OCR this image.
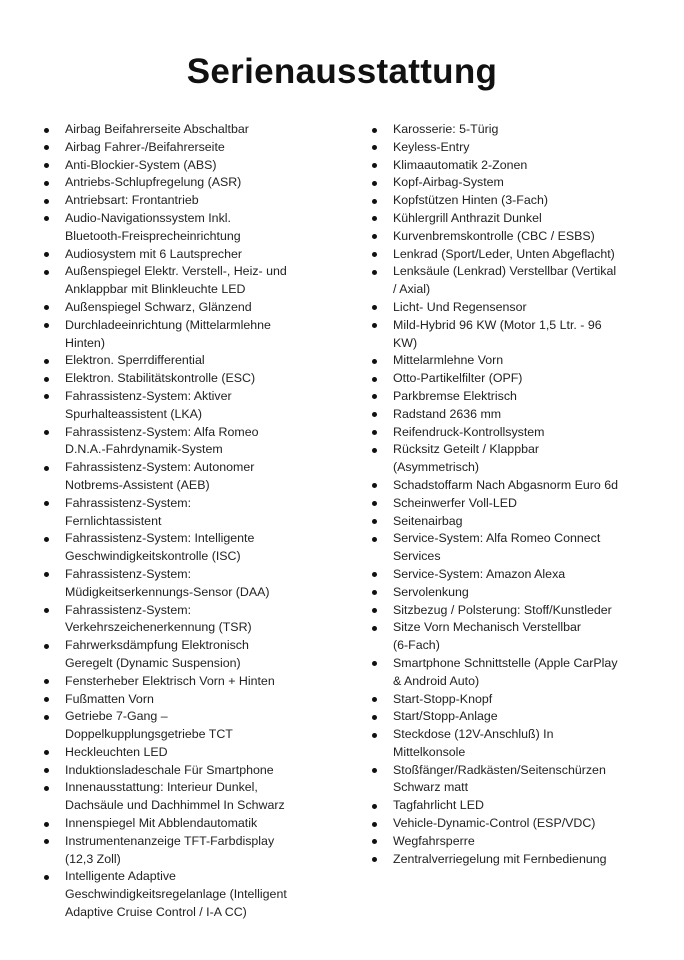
Serienausstattung
Airbag Beifahrerseite Abschaltbar
Airbag Fahrer-/Beifahrerseite
Anti-Blockier-System (ABS)
Antriebs-Schlupfregelung (ASR)
Antriebsart: Frontantrieb
Audio-Navigationssystem Inkl.
Bluetooth-Freisprecheinrichtung
Audiosystem mit 6 Lautsprecher
Außenspiegel Elektr. Verstell-, Heiz- und
Anklappbar mit Blinkleuchte LED
Außenspiegel Schwarz, Glänzend
Durchladeeinrichtung (Mittelarmlehne
Hinten)
Elektron. Sperrdifferential
Elektron. Stabilitätskontrolle (ESC)
Fahrassistenz-System: Aktiver
Spurhalteassistent (LKA)
Fahrassistenz-System: Alfa Romeo
D.N.A.-Fahrdynamik-System
Fahrassistenz-System: Autonomer
Notbrems-Assistent (AEB)
Fahrassistenz-System:
Fernlichtassistent
Fahrassistenz-System: Intelligente
Geschwindigkeitskontrolle (ISC)
Fahrassistenz-System:
Müdigkeitserkennungs-Sensor (DAA)
Fahrassistenz-System:
Verkehrszeichenerkennung (TSR)
Fahrwerksdämpfung Elektronisch
Geregelt (Dynamic Suspension)
Fensterheber Elektrisch Vorn + Hinten
Fußmatten Vorn
Getriebe 7-Gang –
Doppelkupplungsgetriebe TCT
Heckleuchten LED
Induktionsladeschale Für Smartphone
Innenausstattung: Interieur Dunkel,
Dachsäule und Dachhimmel In Schwarz
Innenspiegel Mit Abblendautomatik
Instrumentenanzeige TFT-Farbdisplay
(12,3 Zoll)
Intelligente Adaptive
Geschwindigkeitsregelanlage (Intelligent
Adaptive Cruise Control / I-A CC)
Karosserie: 5-Türig
Keyless-Entry
Klimaautomatik 2-Zonen
Kopf-Airbag-System
Kopfstützen Hinten (3-Fach)
Kühlergrill Anthrazit Dunkel
Kurvenbremskontrolle (CBC / ESBS)
Lenkrad (Sport/Leder, Unten Abgeflacht)
Lenksäule (Lenkrad) Verstellbar (Vertikal
/ Axial)
Licht- Und Regensensor
Mild-Hybrid 96 KW (Motor 1,5 Ltr. - 96
KW)
Mittelarmlehne Vorn
Otto-Partikelfilter (OPF)
Parkbremse Elektrisch
Radstand 2636 mm
Reifendruck-Kontrollsystem
Rücksitz Geteilt / Klappbar
(Asymmetrisch)
Schadstoffarm Nach Abgasnorm Euro 6d
Scheinwerfer Voll-LED
Seitenairbag
Service-System: Alfa Romeo Connect
Services
Service-System: Amazon Alexa
Servolenkung
Sitzbezug / Polsterung: Stoff/Kunstleder
Sitze Vorn Mechanisch Verstellbar
(6-Fach)
Smartphone Schnittstelle (Apple CarPlay
& Android Auto)
Start-Stopp-Knopf
Start/Stopp-Anlage
Steckdose (12V-Anschluß) In
Mittelkonsole
Stoßfänger/Radkästen/Seitenschürzen
Schwarz matt
Tagfahrlicht LED
Vehicle-Dynamic-Control (ESP/VDC)
Wegfahrsperre
Zentralverriegelung mit Fernbedienung
